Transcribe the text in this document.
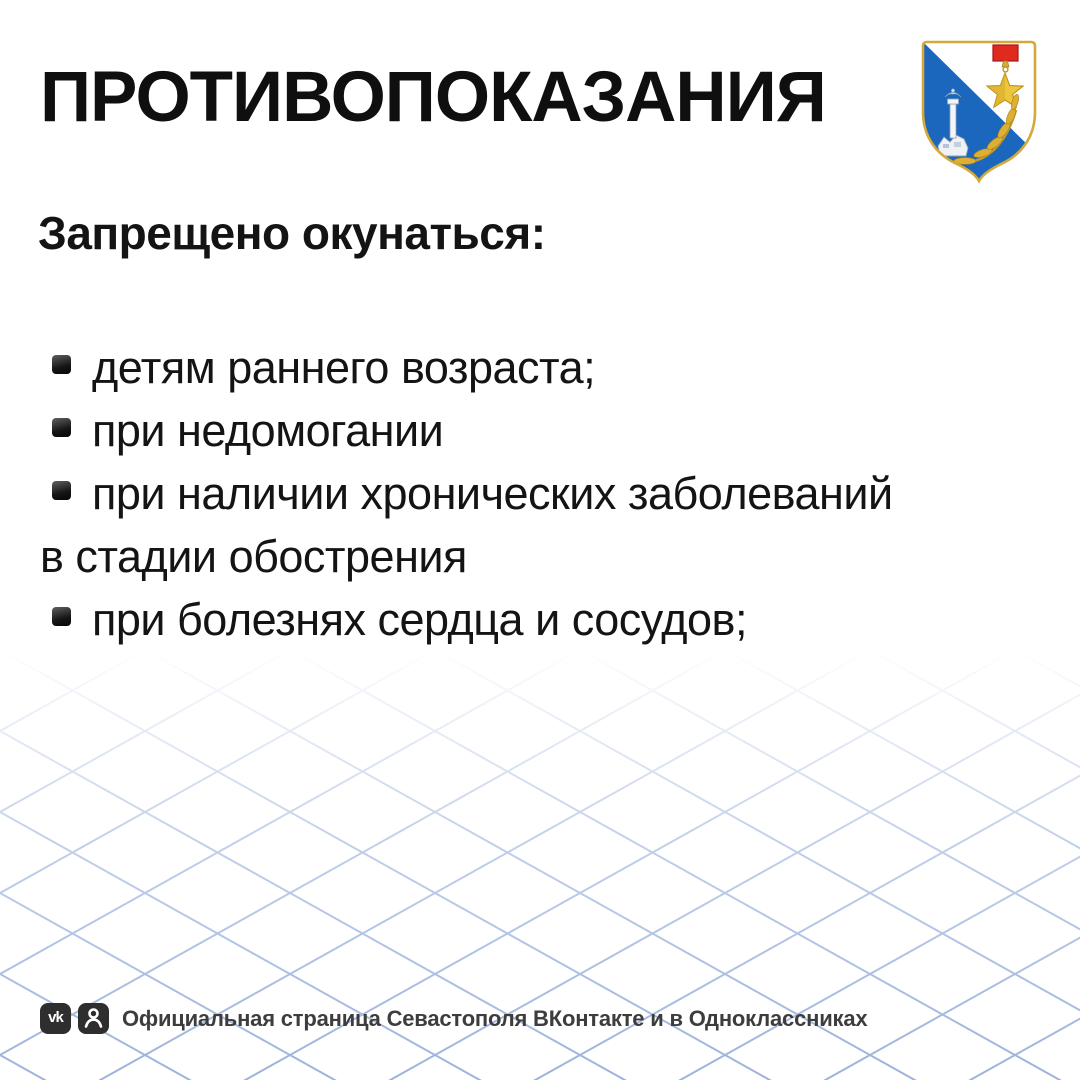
ПРОТИВОПОКАЗАНИЯ
Запрещено окунаться:
детям раннего возраста;
при недомогании
при наличии хронических заболеваний
в стадии обострения
при болезнях сердца и сосудов;
vk	Официальная страница Севастополя ВКонтакте и в Одноклассниках
